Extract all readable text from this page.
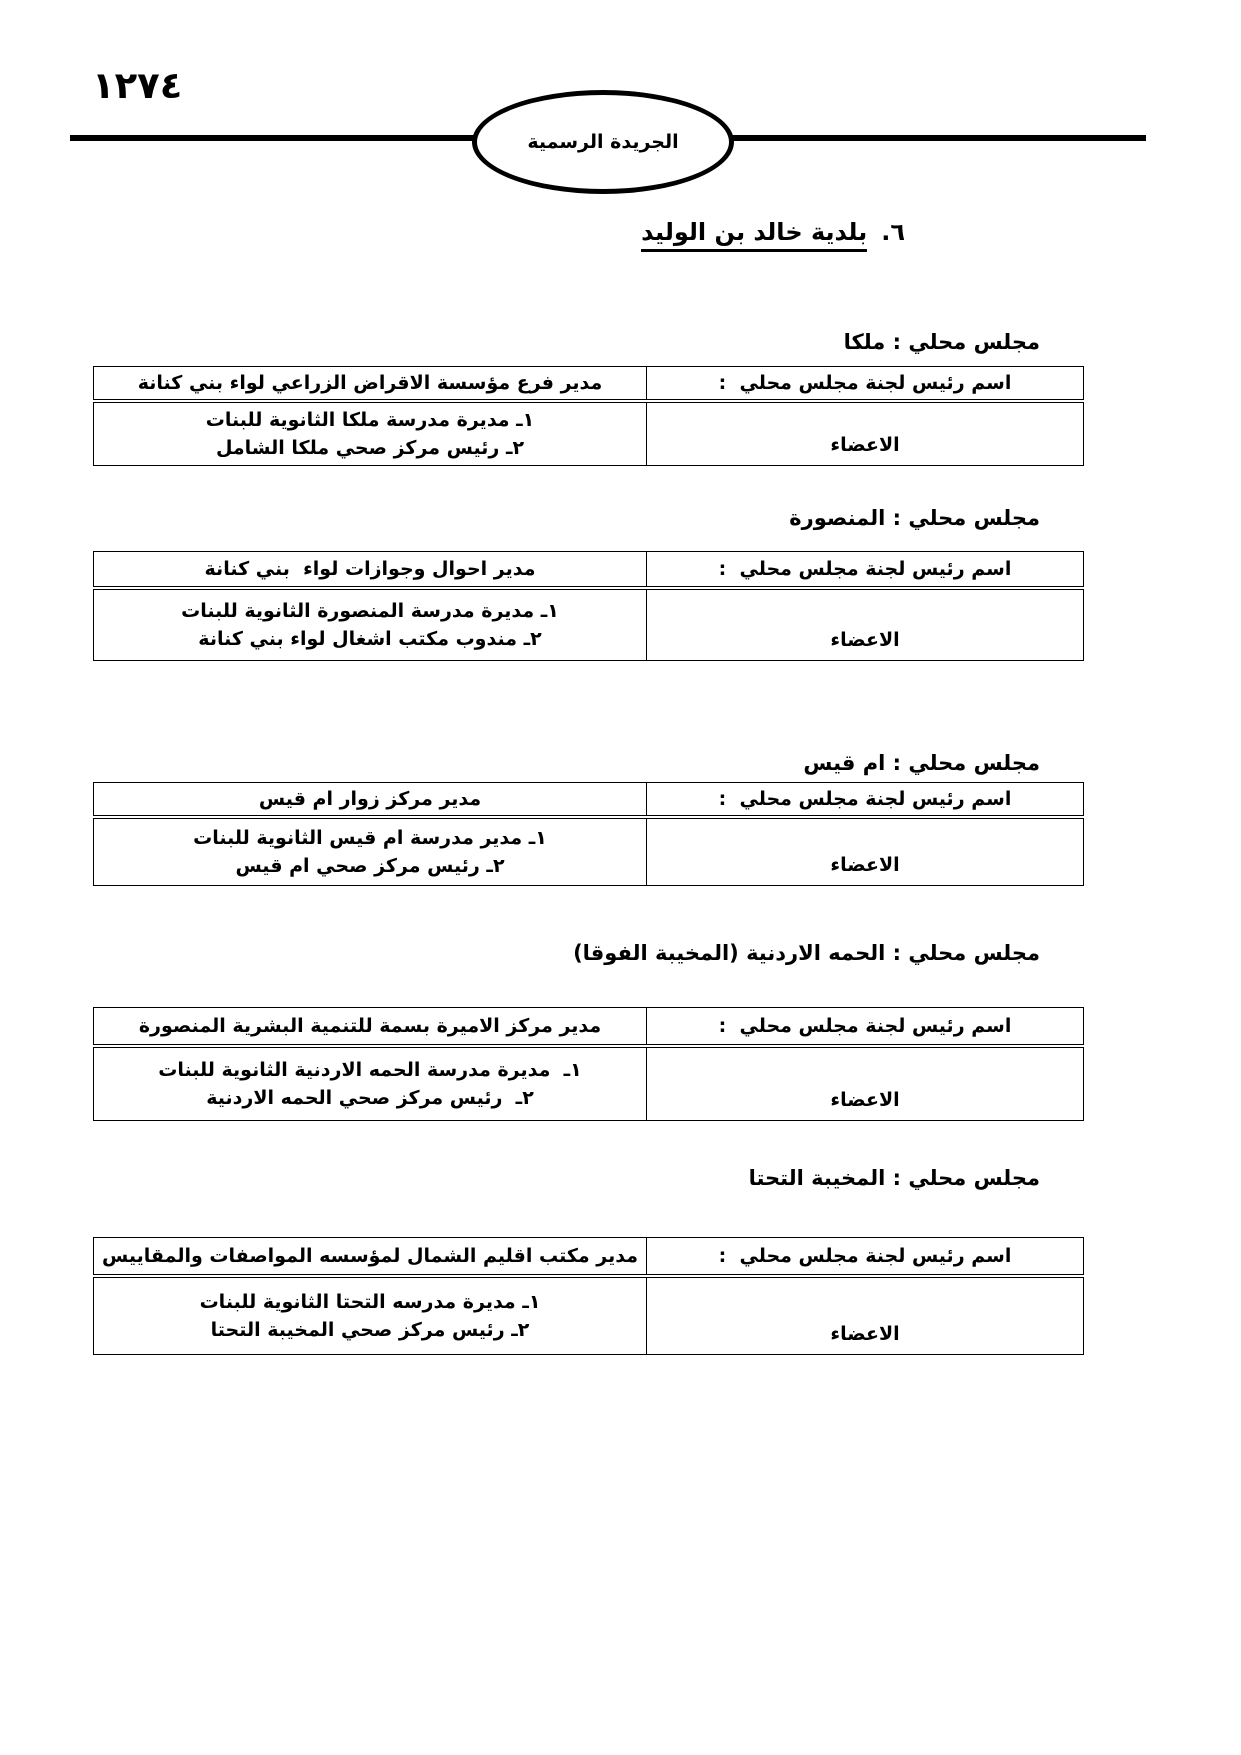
١٢٧٤
الجريدة الرسمية
٦.
بلدية خالد بن الوليد
مجلس محلي : ملكا
اسم رئيس لجنة مجلس محلي  :
مدير فرع مؤسسة الاقراض الزراعي لواء بني كنانة
الاعضاء
١ـ مديرة مدرسة ملكا الثانوية للبنات
٢ـ رئيس مركز صحي ملكا الشامل
مجلس محلي : المنصورة
اسم رئيس لجنة مجلس محلي  :
مدير احوال وجوازات لواء  بني كنانة
الاعضاء
١ـ مديرة مدرسة المنصورة الثانوية للبنات
٢ـ مندوب مكتب اشغال لواء بني كنانة
مجلس محلي : ام قيس
اسم رئيس لجنة مجلس محلي  :
مدير مركز زوار ام قيس
الاعضاء
١ـ مدير مدرسة ام قيس الثانوية للبنات
٢ـ رئيس مركز صحي ام قيس
مجلس محلي : الحمه الاردنية (المخيبة الفوقا)
اسم رئيس لجنة مجلس محلي  :
مدير مركز الاميرة بسمة للتنمية البشرية المنصورة
الاعضاء
١ـ  مديرة مدرسة الحمه الاردنية الثانوية للبنات
٢ـ  رئيس مركز صحي الحمه الاردنية
مجلس محلي : المخيبة التحتا
اسم رئيس لجنة مجلس محلي  :
مدير مكتب اقليم الشمال لمؤسسه المواصفات والمقاييس
الاعضاء
١ـ مديرة مدرسه التحتا الثانوية للبنات
٢ـ رئيس مركز صحي المخيبة التحتا
